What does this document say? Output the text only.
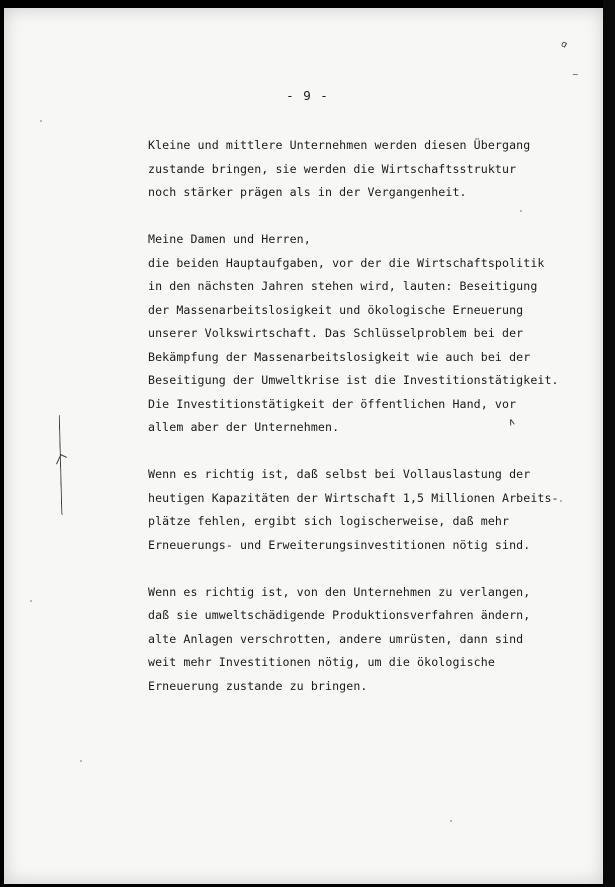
- 9 -
Kleine und mittlere Unternehmen werden diesen Übergang
zustande bringen, sie werden die Wirtschaftsstruktur
noch stärker prägen als in der Vergangenheit.
Meine Damen und Herren,
die beiden Hauptaufgaben, vor der die Wirtschaftspolitik
in den nächsten Jahren stehen wird, lauten: Beseitigung
der Massenarbeitslosigkeit und ökologische Erneuerung
unserer Volkswirtschaft. Das Schlüsselproblem bei der
Bekämpfung der Massenarbeitslosigkeit wie auch bei der
Beseitigung der Umweltkrise ist die Investitionstätigkeit.
Die Investitionstätigkeit der öffentlichen Hand, vor
allem aber der Unternehmen.
Wenn es richtig ist, daß selbst bei Vollauslastung der
heutigen Kapazitäten der Wirtschaft 1,5 Millionen Arbeits-
plätze fehlen, ergibt sich logischerweise, daß mehr
Erneuerungs- und Erweiterungsinvestitionen nötig sind.
Wenn es richtig ist, von den Unternehmen zu verlangen,
daß sie umweltschädigende Produktionsverfahren ändern,
alte Anlagen verschrotten, andere umrüsten, dann sind
weit mehr Investitionen nötig, um die ökologische
Erneuerung zustande zu bringen.
ɑ
~
∧
